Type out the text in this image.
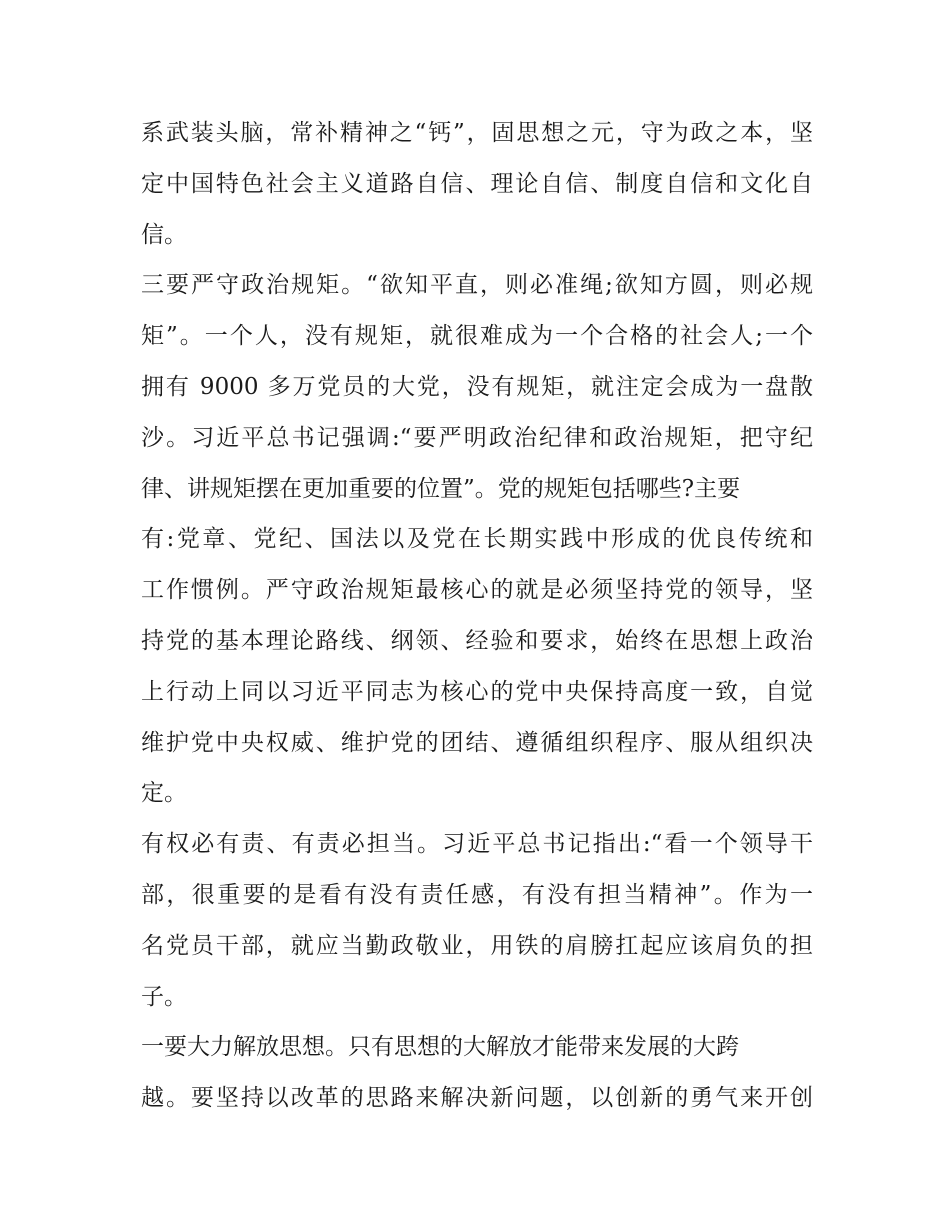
系武装头脑，常补精神之“钙”，固思想之元，守为政之本，坚
定中国特色社会主义道路自信、理论自信、制度自信和文化自
信。
三要严守政治规矩。“欲知平直，则必准绳;欲知方圆，则必规
矩”。一个人，没有规矩，就很难成为一个合格的社会人;一个
拥有 9000 多万党员的大党，没有规矩，就注定会成为一盘散
沙。习近平总书记强调:“要严明政治纪律和政治规矩，把守纪
律、讲规矩摆在更加重要的位置”。党的规矩包括哪些?主要
有:党章、党纪、国法以及党在长期实践中形成的优良传统和
工作惯例。严守政治规矩最核心的就是必须坚持党的领导，坚
持党的基本理论路线、纲领、经验和要求，始终在思想上政治
上行动上同以习近平同志为核心的党中央保持高度一致，自觉
维护党中央权威、维护党的团结、遵循组织程序、服从组织决
定。
有权必有责、有责必担当。习近平总书记指出:“看一个领导干
部，很重要的是看有没有责任感，有没有担当精神”。作为一
名党员干部，就应当勤政敬业，用铁的肩膀扛起应该肩负的担
子。
一要大力解放思想。只有思想的大解放才能带来发展的大跨
越。要坚持以改革的思路来解决新问题，以创新的勇气来开创
